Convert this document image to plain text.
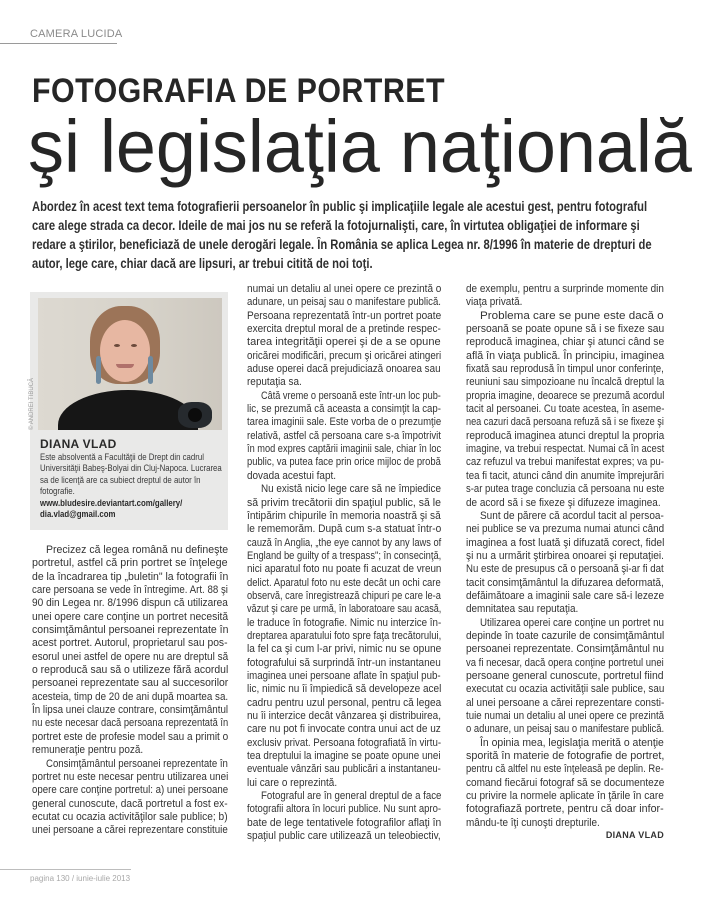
CAMERA LUCIDA
FOTOGRAFIA DE PORTRET
şi legislaţia naţională
Abordez în acest text tema fotografierii persoanelor în public şi implicaţiile legale ale acestui gest, pentru fotograful
care alege strada ca decor. Ideile de mai jos nu se referă la fotojurnalişti, care, în virtutea obligaţiei de informare şi
redare a ştirilor, beneficiază de unele derogări legale. În România se aplica Legea nr. 8/1996 în materie de drepturi de
autor, lege care, chiar dacă are lipsuri, ar trebui citită de noi toţi.
© ANDREI TIBUCĂ
DIANA VLAD
Este absolventă a Facultăţii de Drept din cadrul
Universităţii Babeş-Bolyai din Cluj-Napoca. Lucrarea
sa de licenţă are ca subiect dreptul de autor în
fotografie.
www.bludesire.deviantart.com/gallery/
dia.vlad@gmail.com
Precizez că legea română nu defineşte
portretul, astfel că prin portret se înţelege
de la încadrarea tip „buletin" la fotografii în
care persoana se vede în întregime. Art. 88 şi
90 din Legea nr. 8/1996 dispun că utilizarea
unei opere care conţine un portret necesită
consimţământul persoanei reprezentate în
acest portret. Autorul, proprietarul sau pos-
esorul unei astfel de opere nu are dreptul să
o reproducă sau să o utilizeze fără acordul
persoanei reprezentate sau al succesorilor
acesteia, timp de 20 de ani după moartea sa.
În lipsa unei clauze contrare, consimţământul
nu este necesar dacă persoana reprezentată în
portret este de profesie model sau a primit o
remuneraţie pentru poză.
Consimţământul persoanei reprezentate în
portret nu este necesar pentru utilizarea unei
opere care conţine portretul: a) unei persoane
general cunoscute, dacă portretul a fost ex-
ecutat cu ocazia activităţilor sale publice; b)
unei persoane a cărei reprezentare constituie
numai un detaliu al unei opere ce prezintă o
adunare, un peisaj sau o manifestare publică.
Persoana reprezentată într-un portret poate
exercita dreptul moral de a pretinde respec-
tarea integrităţii operei şi de a se opune
oricărei modificări, precum şi oricărei atingeri
aduse operei dacă prejudiciază onoarea sau
reputaţia sa.
Câtă vreme o persoană este într-un loc pub-
lic, se prezumă că aceasta a consimţit la cap-
tarea imaginii sale. Este vorba de o prezumţie
relativă, astfel că persoana care s-a împotrivit
în mod expres captării imaginii sale, chiar în loc
public, va putea face prin orice mijloc de probă
dovada acestui fapt.
Nu există nicio lege care să ne împiedice
să privim trecătorii din spaţiul public, să le
întipărim chipurile în memoria noastră şi să
le rememorăm. După cum s-a statuat într-o
cauză în Anglia, „the eye cannot by any laws of
England be guilty of a trespass"; în consecinţă,
nici aparatul foto nu poate fi acuzat de vreun
delict. Aparatul foto nu este decât un ochi care
observă, care înregistrează chipuri pe care le-a
văzut şi care pe urmă, în laboratoare sau acasă,
le traduce în fotografie. Nimic nu interzice în-
dreptarea aparatului foto spre faţa trecătorului,
la fel ca şi cum l-ar privi, nimic nu se opune
fotografului să surprindă într-un instantaneu
imaginea unei persoane aflate în spaţiul pub-
lic, nimic nu îi împiedică să developeze acel
cadru pentru uzul personal, pentru că legea
nu îi interzice decât vânzarea şi distribuirea,
care nu pot fi invocate contra unui act de uz
exclusiv privat. Persoana fotografiată în virtu-
tea dreptului la imagine se poate opune unei
eventuale vânzări sau publicări a instantaneu-
lui care o reprezintă.
Fotograful are în general dreptul de a face
fotografii altora în locuri publice. Nu sunt apro-
bate de lege tentativele fotografilor aflaţi în
spaţiul public care utilizează un teleobiectiv,
de exemplu, pentru a surprinde momente din
viaţa privată.
Problema care se pune este dacă o
persoană se poate opune să i se fixeze sau
reproducă imaginea, chiar şi atunci când se
află în viaţa publică. În principiu, imaginea
fixată sau reprodusă în timpul unor conferinţe,
reuniuni sau simpozioane nu încalcă dreptul la
propria imagine, deoarece se prezumă acordul
tacit al persoanei. Cu toate acestea, în aseme-
nea cazuri dacă persoana refuză să i se fixeze şi
reproducă imaginea atunci dreptul la propria
imagine, va trebui respectat. Numai că în acest
caz refuzul va trebui manifestat expres; va pu-
tea fi tacit, atunci când din anumite împrejurări
s-ar putea trage concluzia că persoana nu este
de acord să i se fixeze şi difuzeze imaginea.
Sunt de părere că acordul tacit al persoa-
nei publice se va prezuma numai atunci când
imaginea a fost luată şi difuzată corect, fidel
şi nu a urmărit ştirbirea onoarei şi reputaţiei.
Nu este de presupus că o persoană şi-ar fi dat
tacit consimţământul la difuzarea deformată,
defăimătoare a imaginii sale care să-i lezeze
demnitatea sau reputaţia.
Utilizarea operei care conţine un portret nu
depinde în toate cazurile de consimţământul
persoanei reprezentate. Consimţământul nu
va fi necesar, dacă opera conţine portretul unei
persoane general cunoscute, portretul fiind
executat cu ocazia activităţii sale publice, sau
al unei persoane a cărei reprezentare consti-
tuie numai un detaliu al unei opere ce prezintă
o adunare, un peisaj sau o manifestare publică.
În opinia mea, legislaţia merită o atenţie
sporită în materie de fotografie de portret,
pentru că altfel nu este înţeleasă pe deplin. Re-
comand fiecărui fotograf să se documenteze
cu privire la normele aplicate în ţările în care
fotografiază portrete, pentru că doar infor-
mându-te îţi cunoşti drepturile.
DIANA VLAD
pagina 130 / iunie-iulie 2013
